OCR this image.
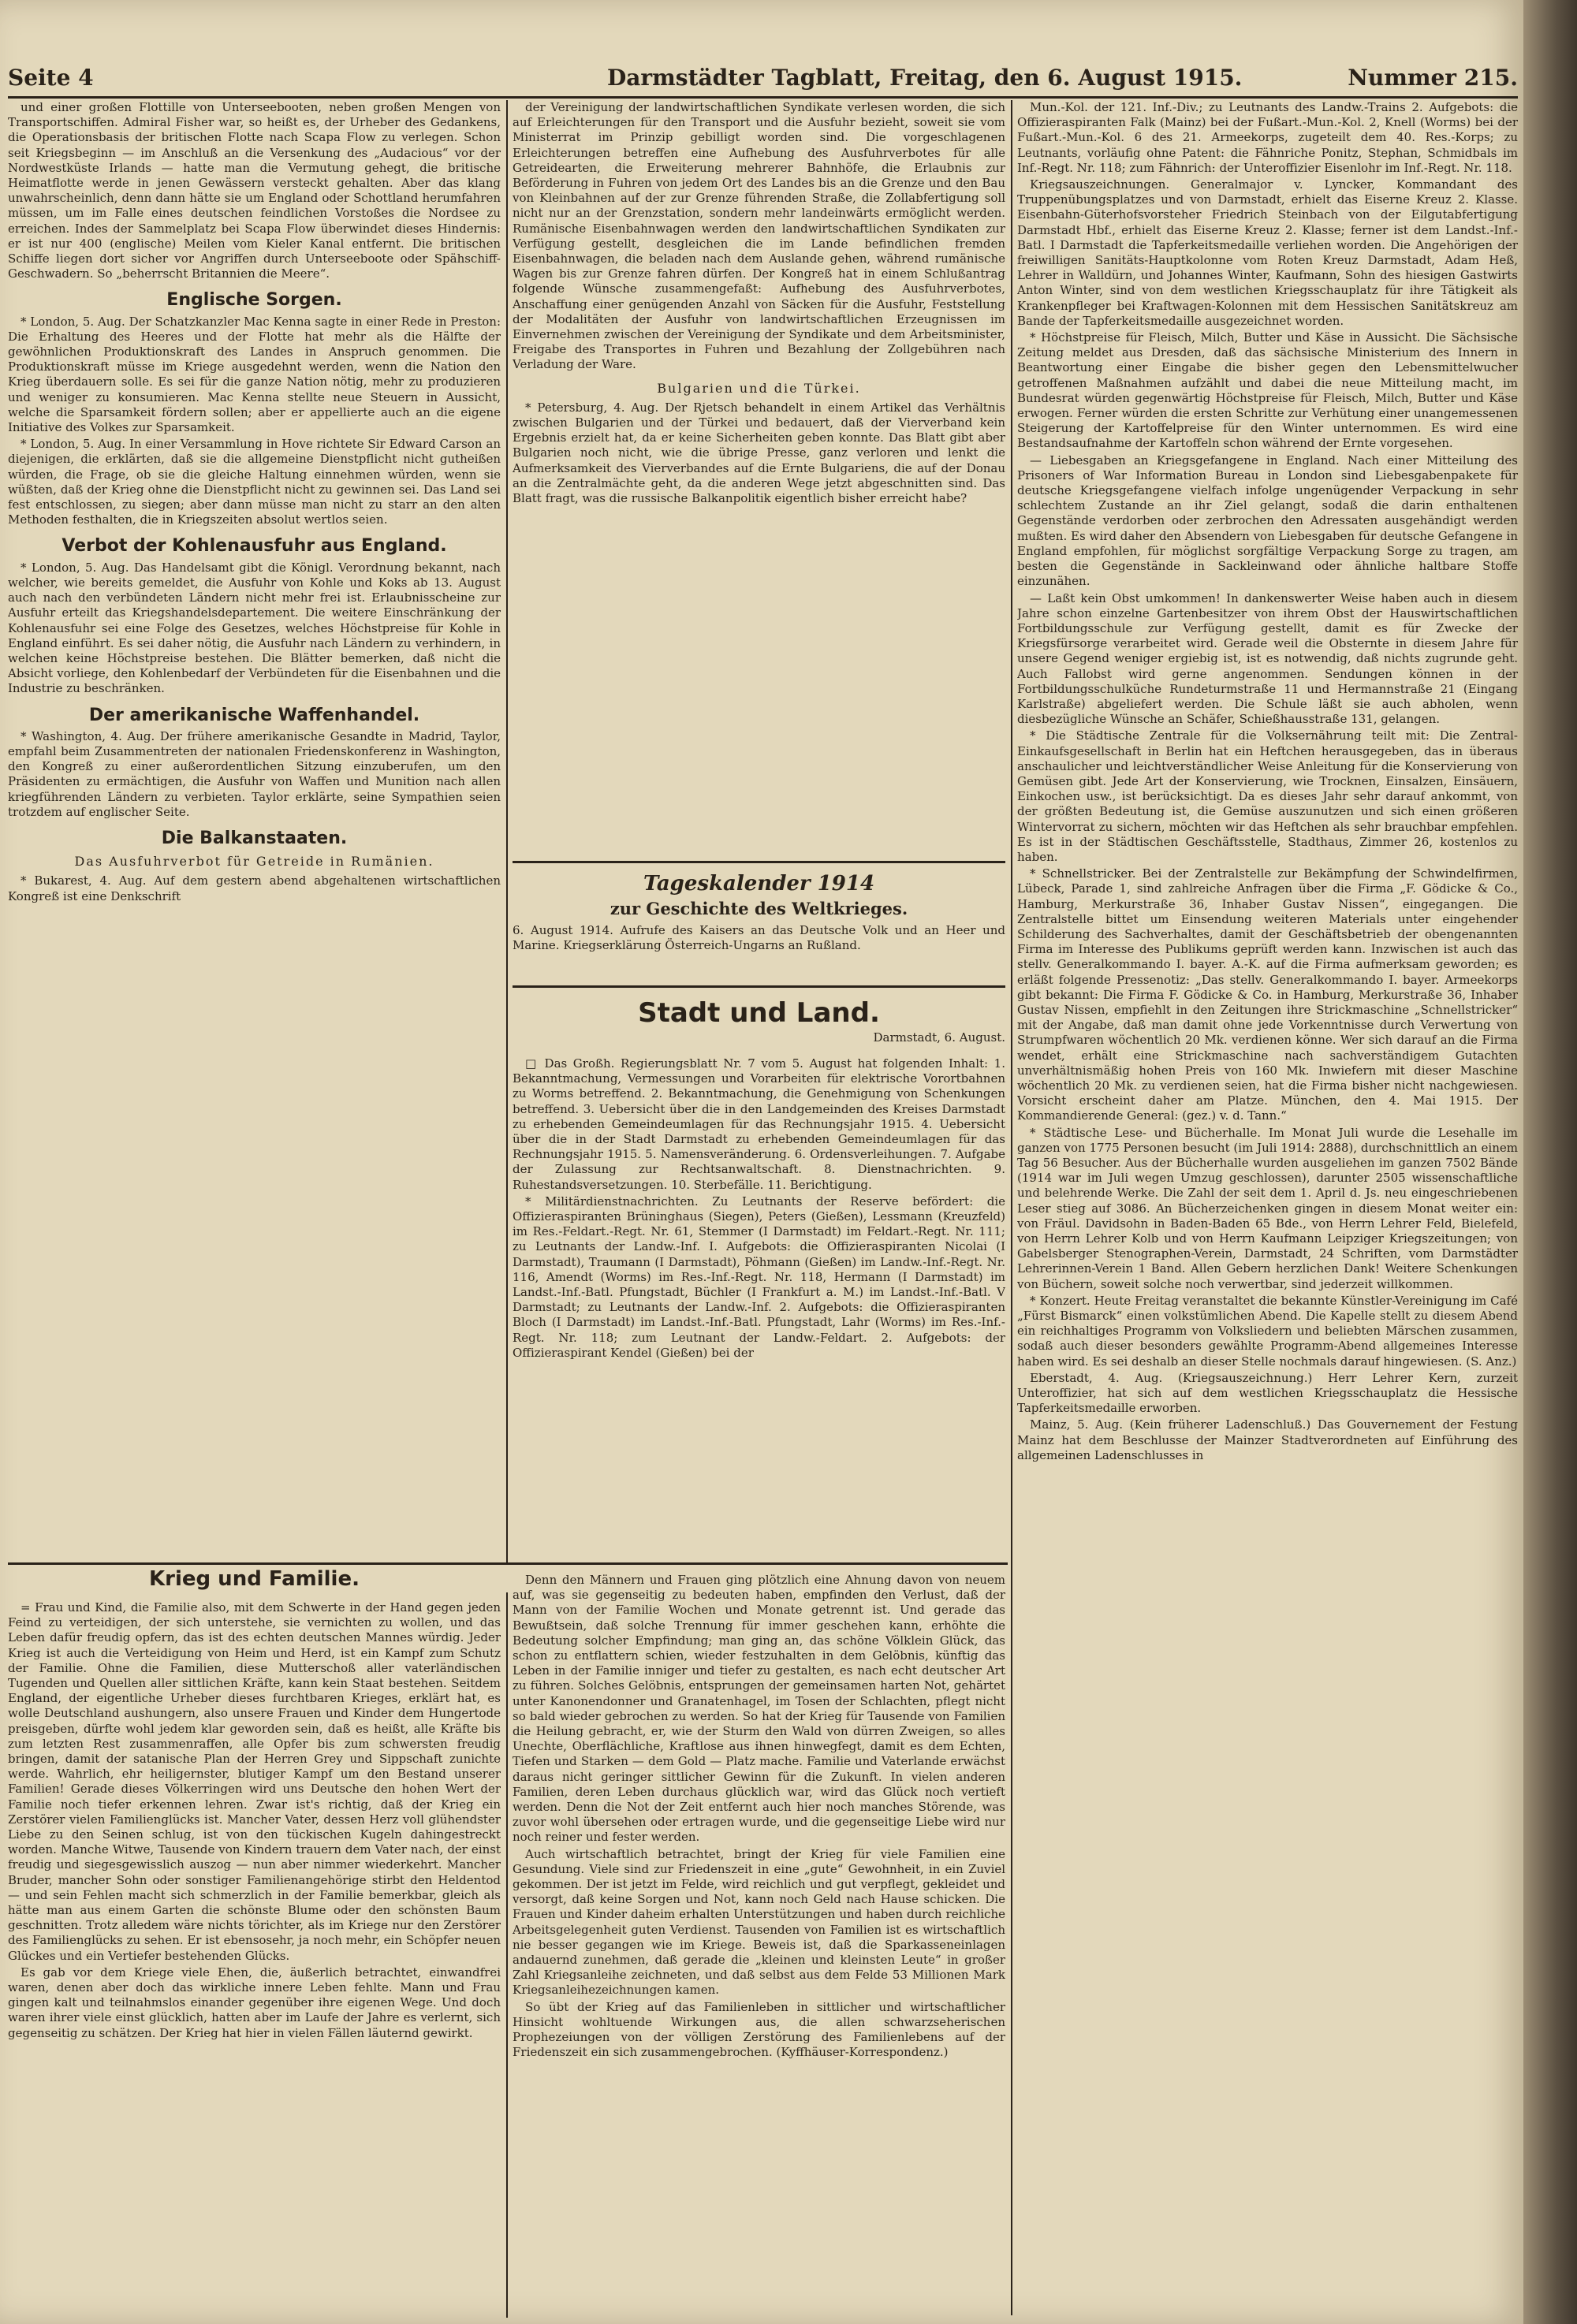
Seite 4	Darmstädter Tagblatt, Freitag, den 6. August 1915.	Nummer 215.

und einer großen Flottille von Unterseebooten, neben großen Mengen von Transportschiffen. Admiral Fisher war, so heißt es, der Urheber des Gedankens, die Operationsbasis der britischen Flotte nach Scapa Flow zu verlegen. Schon seit Kriegsbeginn — im Anschluß an die Versenkung des „Audacious“ vor der Nordwestküste Irlands — hatte man die Vermutung gehegt, die britische Heimatflotte werde in jenen Gewässern versteckt gehalten. Aber das klang unwahrscheinlich, denn dann hätte sie um England oder Schottland herumfahren müssen, um im Falle eines deutschen feindlichen Vorstoßes die Nordsee zu erreichen. Indes der Sammelplatz bei Scapa Flow überwindet dieses Hindernis: er ist nur 400 (englische) Meilen vom Kieler Kanal entfernt. Die britischen Schiffe liegen dort sicher vor Angriffen durch Unterseeboote oder Spähschiff-Geschwadern. So „beherrscht Britannien die Meere“.

Englische Sorgen.

* London, 5. Aug. Der Schatzkanzler Mac Kenna sagte in einer Rede in Preston: Die Erhaltung des Heeres und der Flotte hat mehr als die Hälfte der gewöhnlichen Produktionskraft des Landes in Anspruch genommen. Die Produktionskraft müsse im Kriege ausgedehnt werden, wenn die Nation den Krieg überdauern solle. Es sei für die ganze Nation nötig, mehr zu produzieren und weniger zu konsumieren. Mac Kenna stellte neue Steuern in Aussicht, welche die Sparsamkeit fördern sollen; aber er appellierte auch an die eigene Initiative des Volkes zur Sparsamkeit.

* London, 5. Aug. In einer Versammlung in Hove richtete Sir Edward Carson an diejenigen, die erklärten, daß sie die allgemeine Dienstpflicht nicht gutheißen würden, die Frage, ob sie die gleiche Haltung einnehmen würden, wenn sie wüßten, daß der Krieg ohne die Dienstpflicht nicht zu gewinnen sei. Das Land sei fest entschlossen, zu siegen; aber dann müsse man nicht zu starr an den alten Methoden festhalten, die in Kriegszeiten absolut wertlos seien.

Verbot der Kohlenausfuhr aus England.

* London, 5. Aug. Das Handelsamt gibt die Königl. Verordnung bekannt, nach welcher, wie bereits gemeldet, die Ausfuhr von Kohle und Koks ab 13. August auch nach den verbündeten Ländern nicht mehr frei ist. Erlaubnisscheine zur Ausfuhr erteilt das Kriegshandelsdepartement. Die weitere Einschränkung der Kohlenausfuhr sei eine Folge des Gesetzes, welches Höchstpreise für Kohle in England einführt. Es sei daher nötig, die Ausfuhr nach Ländern zu verhindern, in welchen keine Höchstpreise bestehen. Die Blätter bemerken, daß nicht die Absicht vorliege, den Kohlenbedarf der Verbündeten für die Eisenbahnen und die Industrie zu beschränken.

Der amerikanische Waffenhandel.

* Washington, 4. Aug. Der frühere amerikanische Gesandte in Madrid, Taylor, empfahl beim Zusammentreten der nationalen Friedenskonferenz in Washington, den Kongreß zu einer außerordentlichen Sitzung einzuberufen, um den Präsidenten zu ermächtigen, die Ausfuhr von Waffen und Munition nach allen kriegführenden Ländern zu verbieten. Taylor erklärte, seine Sympathien seien trotzdem auf englischer Seite.

Die Balkanstaaten.
Das Ausfuhrverbot für Getreide in Rumänien.

* Bukarest, 4. Aug. Auf dem gestern abend abgehaltenen wirtschaftlichen Kongreß ist eine Denkschrift

der Vereinigung der landwirtschaftlichen Syndikate verlesen worden, die sich auf Erleichterungen für den Transport und die Ausfuhr bezieht, soweit sie vom Ministerrat im Prinzip gebilligt worden sind. Die vorgeschlagenen Erleichterungen betreffen eine Aufhebung des Ausfuhrverbotes für alle Getreidearten, die Erweiterung mehrerer Bahnhöfe, die Erlaubnis zur Beförderung in Fuhren von jedem Ort des Landes bis an die Grenze und den Bau von Kleinbahnen auf der zur Grenze führenden Straße, die Zollabfertigung soll nicht nur an der Grenzstation, sondern mehr landeinwärts ermöglicht werden. Rumänische Eisenbahnwagen werden den landwirtschaftlichen Syndikaten zur Verfügung gestellt, desgleichen die im Lande befindlichen fremden Eisenbahnwagen, die beladen nach dem Auslande gehen, während rumänische Wagen bis zur Grenze fahren dürfen. Der Kongreß hat in einem Schlußantrag folgende Wünsche zusammengefaßt: Aufhebung des Ausfuhrverbotes, Anschaffung einer genügenden Anzahl von Säcken für die Ausfuhr, Feststellung der Modalitäten der Ausfuhr von landwirtschaftlichen Erzeugnissen im Einvernehmen zwischen der Vereinigung der Syndikate und dem Arbeitsminister, Freigabe des Transportes in Fuhren und Bezahlung der Zollgebühren nach Verladung der Ware.

Bulgarien und die Türkei.

* Petersburg, 4. Aug. Der Rjetsch behandelt in einem Artikel das Verhältnis zwischen Bulgarien und der Türkei und bedauert, daß der Vierverband kein Ergebnis erzielt hat, da er keine Sicherheiten geben konnte. Das Blatt gibt aber Bulgarien noch nicht, wie die übrige Presse, ganz verloren und lenkt die Aufmerksamkeit des Vierverbandes auf die Ernte Bulgariens, die auf der Donau an die Zentralmächte geht, da die anderen Wege jetzt abgeschnitten sind. Das Blatt fragt, was die russische Balkanpolitik eigentlich bisher erreicht habe?

Tageskalender 1914
zur Geschichte des Weltkrieges.
6. August 1914. Aufrufe des Kaisers an das Deutsche Volk und an Heer und Marine. Kriegserklärung Österreich-Ungarns an Rußland.
Stadt und Land.
Darmstadt, 6. August.

□ Das Großh. Regierungsblatt Nr. 7 vom 5. August hat folgenden Inhalt: 1. Bekanntmachung, Vermessungen und Vorarbeiten für elektrische Vorortbahnen zu Worms betreffend. 2. Bekanntmachung, die Genehmigung von Schenkungen betreffend. 3. Uebersicht über die in den Landgemeinden des Kreises Darmstadt zu erhebenden Gemeindeumlagen für das Rechnungsjahr 1915. 4. Uebersicht über die in der Stadt Darmstadt zu erhebenden Gemeindeumlagen für das Rechnungsjahr 1915. 5. Namensveränderung. 6. Ordensverleihungen. 7. Aufgabe der Zulassung zur Rechtsanwaltschaft. 8. Dienstnachrichten. 9. Ruhestandsversetzungen. 10. Sterbefälle. 11. Berichtigung.

* Militärdienstnachrichten. Zu Leutnants der Reserve befördert: die Offizieraspiranten Brüninghaus (Siegen), Peters (Gießen), Lessmann (Kreuzfeld) im Res.-Feldart.-Regt. Nr. 61, Stemmer (I Darmstadt) im Feldart.-Regt. Nr. 111; zu Leutnants der Landw.-Inf. I. Aufgebots: die Offizieraspiranten Nicolai (I Darmstadt), Traumann (I Darmstadt), Pöhmann (Gießen) im Landw.-Inf.-Regt. Nr. 116, Amendt (Worms) im Res.-Inf.-Regt. Nr. 118, Hermann (I Darmstadt) im Landst.-Inf.-Batl. Pfungstadt, Büchler (I Frankfurt a. M.) im Landst.-Inf.-Batl. V Darmstadt; zu Leutnants der Landw.-Inf. 2. Aufgebots: die Offizieraspiranten Bloch (I Darmstadt) im Landst.-Inf.-Batl. Pfungstadt, Lahr (Worms) im Res.-Inf.-Regt. Nr. 118; zum Leutnant der Landw.-Feldart. 2. Aufgebots: der Offizieraspirant Kendel (Gießen) bei der

Mun.-Kol. der 121. Inf.-Div.; zu Leutnants des Landw.-Trains 2. Aufgebots: die Offizieraspiranten Falk (Mainz) bei der Fußart.-Mun.-Kol. 2, Knell (Worms) bei der Fußart.-Mun.-Kol. 6 des 21. Armeekorps, zugeteilt dem 40. Res.-Korps; zu Leutnants, vorläufig ohne Patent: die Fähnriche Ponitz, Stephan, Schmidbals im Inf.-Regt. Nr. 118; zum Fähnrich: der Unteroffizier Eisenlohr im Inf.-Regt. Nr. 118.

Kriegsauszeichnungen. Generalmajor v. Lyncker, Kommandant des Truppenübungsplatzes und von Darmstadt, erhielt das Eiserne Kreuz 2. Klasse. Eisenbahn-Güterhofsvorsteher Friedrich Steinbach von der Eilgutabfertigung Darmstadt Hbf., erhielt das Eiserne Kreuz 2. Klasse; ferner ist dem Landst.-Inf.-Batl. I Darmstadt die Tapferkeitsmedaille verliehen worden. Die Angehörigen der freiwilligen Sanitäts-Hauptkolonne vom Roten Kreuz Darmstadt, Adam Heß, Lehrer in Walldürn, und Johannes Winter, Kaufmann, Sohn des hiesigen Gastwirts Anton Winter, sind von dem westlichen Kriegsschauplatz für ihre Tätigkeit als Krankenpfleger bei Kraftwagen-Kolonnen mit dem Hessischen Sanitätskreuz am Bande der Tapferkeitsmedaille ausgezeichnet worden.

* Höchstpreise für Fleisch, Milch, Butter und Käse in Aussicht. Die Sächsische Zeitung meldet aus Dresden, daß das sächsische Ministerium des Innern in Beantwortung einer Eingabe die bisher gegen den Lebensmittelwucher getroffenen Maßnahmen aufzählt und dabei die neue Mitteilung macht, im Bundesrat würden gegenwärtig Höchstpreise für Fleisch, Milch, Butter und Käse erwogen. Ferner würden die ersten Schritte zur Verhütung einer unangemessenen Steigerung der Kartoffelpreise für den Winter unternommen. Es wird eine Bestandsaufnahme der Kartoffeln schon während der Ernte vorgesehen.

— Liebesgaben an Kriegsgefangene in England. Nach einer Mitteilung des Prisoners of War Information Bureau in London sind Liebesgabenpakete für deutsche Kriegsgefangene vielfach infolge ungenügender Verpackung in sehr schlechtem Zustande an ihr Ziel gelangt, sodaß die darin enthaltenen Gegenstände verdorben oder zerbrochen den Adressaten ausgehändigt werden mußten. Es wird daher den Absendern von Liebesgaben für deutsche Gefangene in England empfohlen, für möglichst sorgfältige Verpackung Sorge zu tragen, am besten die Gegenstände in Sackleinwand oder ähnliche haltbare Stoffe einzunähen.

— Laßt kein Obst umkommen! In dankenswerter Weise haben auch in diesem Jahre schon einzelne Gartenbesitzer von ihrem Obst der Hauswirtschaftlichen Fortbildungsschule zur Verfügung gestellt, damit es für Zwecke der Kriegsfürsorge verarbeitet wird. Gerade weil die Obsternte in diesem Jahre für unsere Gegend weniger ergiebig ist, ist es notwendig, daß nichts zugrunde geht. Auch Fallobst wird gerne angenommen. Sendungen können in der Fortbildungsschulküche Rundeturmstraße 11 und Hermannstraße 21 (Eingang Karlstraße) abgeliefert werden. Die Schule läßt sie auch abholen, wenn diesbezügliche Wünsche an Schäfer, Schießhausstraße 131, gelangen.

* Die Städtische Zentrale für die Volksernährung teilt mit: Die Zentral-Einkaufsgesellschaft in Berlin hat ein Heftchen herausgegeben, das in überaus anschaulicher und leichtverständlicher Weise Anleitung für die Konservierung von Gemüsen gibt. Jede Art der Konservierung, wie Trocknen, Einsalzen, Einsäuern, Einkochen usw., ist berücksichtigt. Da es dieses Jahr sehr darauf ankommt, von der größten Bedeutung ist, die Gemüse auszunutzen und sich einen größeren Wintervorrat zu sichern, möchten wir das Heftchen als sehr brauchbar empfehlen. Es ist in der Städtischen Geschäftsstelle, Stadthaus, Zimmer 26, kostenlos zu haben.

* Schnellstricker. Bei der Zentralstelle zur Bekämpfung der Schwindelfirmen, Lübeck, Parade 1, sind zahlreiche Anfragen über die Firma „F. Gödicke & Co., Hamburg, Merkurstraße 36, Inhaber Gustav Nissen“, eingegangen. Die Zentralstelle bittet um Einsendung weiteren Materials unter eingehender Schilderung des Sachverhaltes, damit der Geschäftsbetrieb der obengenannten Firma im Interesse des Publikums geprüft werden kann. Inzwischen ist auch das stellv. Generalkommando I. bayer. A.-K. auf die Firma aufmerksam geworden; es erläßt folgende Pressenotiz: „Das stellv. Generalkommando I. bayer. Armeekorps gibt bekannt: Die Firma F. Gödicke & Co. in Hamburg, Merkurstraße 36, Inhaber Gustav Nissen, empfiehlt in den Zeitungen ihre Strickmaschine „Schnellstricker“ mit der Angabe, daß man damit ohne jede Vorkenntnisse durch Verwertung von Strumpfwaren wöchentlich 20 Mk. verdienen könne. Wer sich darauf an die Firma wendet, erhält eine Strickmaschine nach sachverständigem Gutachten unverhältnismäßig hohen Preis von 160 Mk. Inwiefern mit dieser Maschine wöchentlich 20 Mk. zu verdienen seien, hat die Firma bisher nicht nachgewiesen. Vorsicht erscheint daher am Platze. München, den 4. Mai 1915. Der Kommandierende General: (gez.) v. d. Tann.“

* Städtische Lese- und Bücherhalle. Im Monat Juli wurde die Lesehalle im ganzen von 1775 Personen besucht (im Juli 1914: 2888), durchschnittlich an einem Tag 56 Besucher. Aus der Bücherhalle wurden ausgeliehen im ganzen 7502 Bände (1914 war im Juli wegen Umzug geschlossen), darunter 2505 wissenschaftliche und belehrende Werke. Die Zahl der seit dem 1. April d. Js. neu eingeschriebenen Leser stieg auf 3086. An Bücherzeichenken gingen in diesem Monat weiter ein: von Fräul. Davidsohn in Baden-Baden 65 Bde., von Herrn Lehrer Feld, Bielefeld, von Herrn Lehrer Kolb und von Herrn Kaufmann Leipziger Kriegszeitungen; von Gabelsberger Stenographen-Verein, Darmstadt, 24 Schriften, vom Darmstädter Lehrerinnen-Verein 1 Band. Allen Gebern herzlichen Dank! Weitere Schenkungen von Büchern, soweit solche noch verwertbar, sind jederzeit willkommen.

* Konzert. Heute Freitag veranstaltet die bekannte Künstler-Vereinigung im Café „Fürst Bismarck“ einen volkstümlichen Abend. Die Kapelle stellt zu diesem Abend ein reichhaltiges Programm von Volksliedern und beliebten Märschen zusammen, sodaß auch dieser besonders gewählte Programm-Abend allgemeines Interesse haben wird. Es sei deshalb an dieser Stelle nochmals darauf hingewiesen. (S. Anz.)

Eberstadt, 4. Aug. (Kriegsauszeichnung.) Herr Lehrer Kern, zurzeit Unteroffizier, hat sich auf dem westlichen Kriegsschauplatz die Hessische Tapferkeitsmedaille erworben.

Mainz, 5. Aug. (Kein früherer Ladenschluß.) Das Gouvernement der Festung Mainz hat dem Beschlusse der Mainzer Stadtverordneten auf Einführung des allgemeinen Ladenschlusses in

Krieg und Familie.

= Frau und Kind, die Familie also, mit dem Schwerte in der Hand gegen jeden Feind zu verteidigen, der sich unterstehe, sie vernichten zu wollen, und das Leben dafür freudig opfern, das ist des echten deutschen Mannes würdig. Jeder Krieg ist auch die Verteidigung von Heim und Herd, ist ein Kampf zum Schutz der Familie. Ohne die Familien, diese Mutterschoß aller vaterländischen Tugenden und Quellen aller sittlichen Kräfte, kann kein Staat bestehen. Seitdem England, der eigentliche Urheber dieses furchtbaren Krieges, erklärt hat, es wolle Deutschland aushungern, also unsere Frauen und Kinder dem Hungertode preisgeben, dürfte wohl jedem klar geworden sein, daß es heißt, alle Kräfte bis zum letzten Rest zusammenraffen, alle Opfer bis zum schwersten freudig bringen, damit der satanische Plan der Herren Grey und Sippschaft zunichte werde. Wahrlich, ehr heiligernster, blutiger Kampf um den Bestand unserer Familien! Gerade dieses Völkerringen wird uns Deutsche den hohen Wert der Familie noch tiefer erkennen lehren. Zwar ist's richtig, daß der Krieg ein Zerstörer vielen Familienglücks ist. Mancher Vater, dessen Herz voll glühendster Liebe zu den Seinen schlug, ist von den tückischen Kugeln dahingestreckt worden. Manche Witwe, Tausende von Kindern trauern dem Vater nach, der einst freudig und siegesgewisslich auszog — nun aber nimmer wiederkehrt. Mancher Bruder, mancher Sohn oder sonstiger Familienangehörige stirbt den Heldentod — und sein Fehlen macht sich schmerzlich in der Familie bemerkbar, gleich als hätte man aus einem Garten die schönste Blume oder den schönsten Baum geschnitten. Trotz alledem wäre nichts törichter, als im Kriege nur den Zerstörer des Familienglücks zu sehen. Er ist ebensosehr, ja noch mehr, ein Schöpfer neuen Glückes und ein Vertiefer bestehenden Glücks.

Es gab vor dem Kriege viele Ehen, die, äußerlich betrachtet, einwandfrei waren, denen aber doch das wirkliche innere Leben fehlte. Mann und Frau gingen kalt und teilnahmslos einander gegenüber ihre eigenen Wege. Und doch waren ihrer viele einst glücklich, hatten aber im Laufe der Jahre es verlernt, sich gegenseitig zu schätzen. Der Krieg hat hier in vielen Fällen läuternd gewirkt.

Denn den Männern und Frauen ging plötzlich eine Ahnung davon von neuem auf, was sie gegenseitig zu bedeuten haben, empfinden den Verlust, daß der Mann von der Familie Wochen und Monate getrennt ist. Und gerade das Bewußtsein, daß solche Trennung für immer geschehen kann, erhöhte die Bedeutung solcher Empfindung; man ging an, das schöne Völklein Glück, das schon zu entflattern schien, wieder festzuhalten in dem Gelöbnis, künftig das Leben in der Familie inniger und tiefer zu gestalten, es nach echt deutscher Art zu führen. Solches Gelöbnis, entsprungen der gemeinsamen harten Not, gehärtet unter Kanonendonner und Granatenhagel, im Tosen der Schlachten, pflegt nicht so bald wieder gebrochen zu werden. So hat der Krieg für Tausende von Familien die Heilung gebracht, er, wie der Sturm den Wald von dürren Zweigen, so alles Unechte, Oberflächliche, Kraftlose aus ihnen hinwegfegt, damit es dem Echten, Tiefen und Starken — dem Gold — Platz mache. Familie und Vaterlande erwächst daraus nicht geringer sittlicher Gewinn für die Zukunft. In vielen anderen Familien, deren Leben durchaus glücklich war, wird das Glück noch vertieft werden. Denn die Not der Zeit entfernt auch hier noch manches Störende, was zuvor wohl übersehen oder ertragen wurde, und die gegenseitige Liebe wird nur noch reiner und fester werden.

Auch wirtschaftlich betrachtet, bringt der Krieg für viele Familien eine Gesundung. Viele sind zur Friedenszeit in eine „gute“ Gewohnheit, in ein Zuviel gekommen. Der ist jetzt im Felde, wird reichlich und gut verpflegt, gekleidet und versorgt, daß keine Sorgen und Not, kann noch Geld nach Hause schicken. Die Frauen und Kinder daheim erhalten Unterstützungen und haben durch reichliche Arbeitsgelegenheit guten Verdienst. Tausenden von Familien ist es wirtschaftlich nie besser gegangen wie im Kriege. Beweis ist, daß die Sparkasseneinlagen andauernd zunehmen, daß gerade die „kleinen und kleinsten Leute“ in großer Zahl Kriegsanleihe zeichneten, und daß selbst aus dem Felde 53 Millionen Mark Kriegsanleihezeichnungen kamen.

So übt der Krieg auf das Familienleben in sittlicher und wirtschaftlicher Hinsicht wohltuende Wirkungen aus, die allen schwarzseherischen Prophezeiungen von der völligen Zerstörung des Familienlebens auf der Friedenszeit ein sich zusammengebrochen. (Kyffhäuser-Korrespondenz.)
